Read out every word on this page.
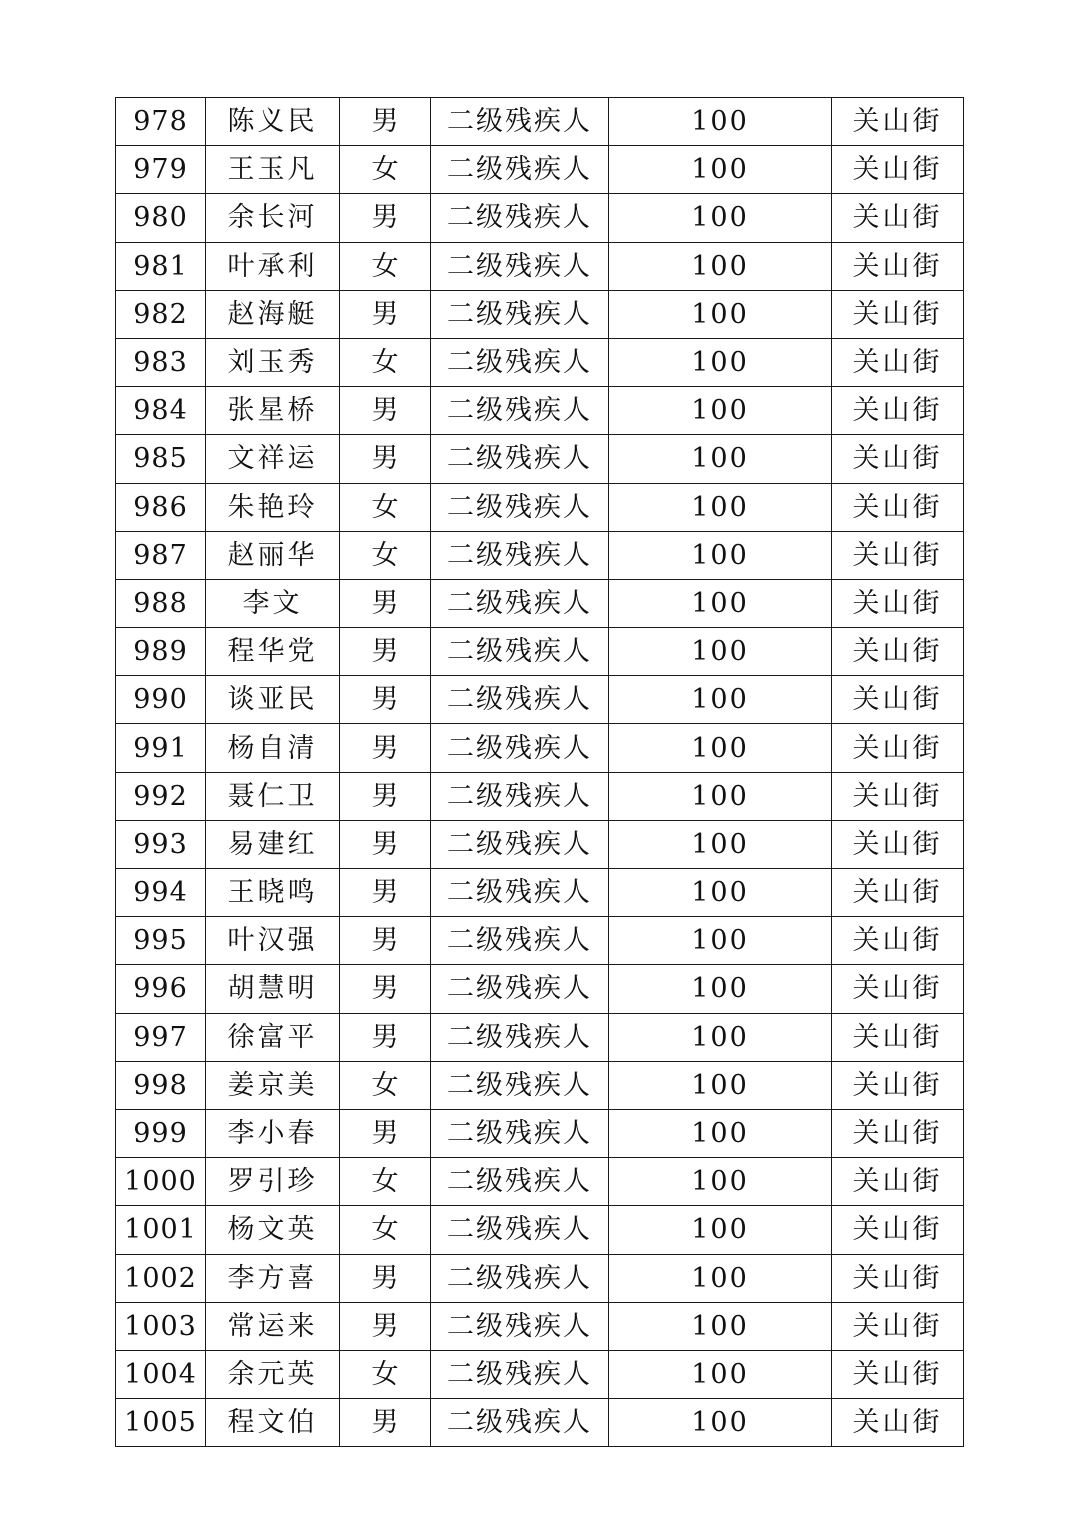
978	陈义民	男	二级残疾人	100	关山街
979	王玉凡	女	二级残疾人	100	关山街
980	余长河	男	二级残疾人	100	关山街
981	叶承利	女	二级残疾人	100	关山街
982	赵海艇	男	二级残疾人	100	关山街
983	刘玉秀	女	二级残疾人	100	关山街
984	张星桥	男	二级残疾人	100	关山街
985	文祥运	男	二级残疾人	100	关山街
986	朱艳玲	女	二级残疾人	100	关山街
987	赵丽华	女	二级残疾人	100	关山街
988	李文	男	二级残疾人	100	关山街
989	程华党	男	二级残疾人	100	关山街
990	谈亚民	男	二级残疾人	100	关山街
991	杨自清	男	二级残疾人	100	关山街
992	聂仁卫	男	二级残疾人	100	关山街
993	易建红	男	二级残疾人	100	关山街
994	王晓鸣	男	二级残疾人	100	关山街
995	叶汉强	男	二级残疾人	100	关山街
996	胡慧明	男	二级残疾人	100	关山街
997	徐富平	男	二级残疾人	100	关山街
998	姜京美	女	二级残疾人	100	关山街
999	李小春	男	二级残疾人	100	关山街
1000	罗引珍	女	二级残疾人	100	关山街
1001	杨文英	女	二级残疾人	100	关山街
1002	李方喜	男	二级残疾人	100	关山街
1003	常运来	男	二级残疾人	100	关山街
1004	余元英	女	二级残疾人	100	关山街
1005	程文伯	男	二级残疾人	100	关山街
